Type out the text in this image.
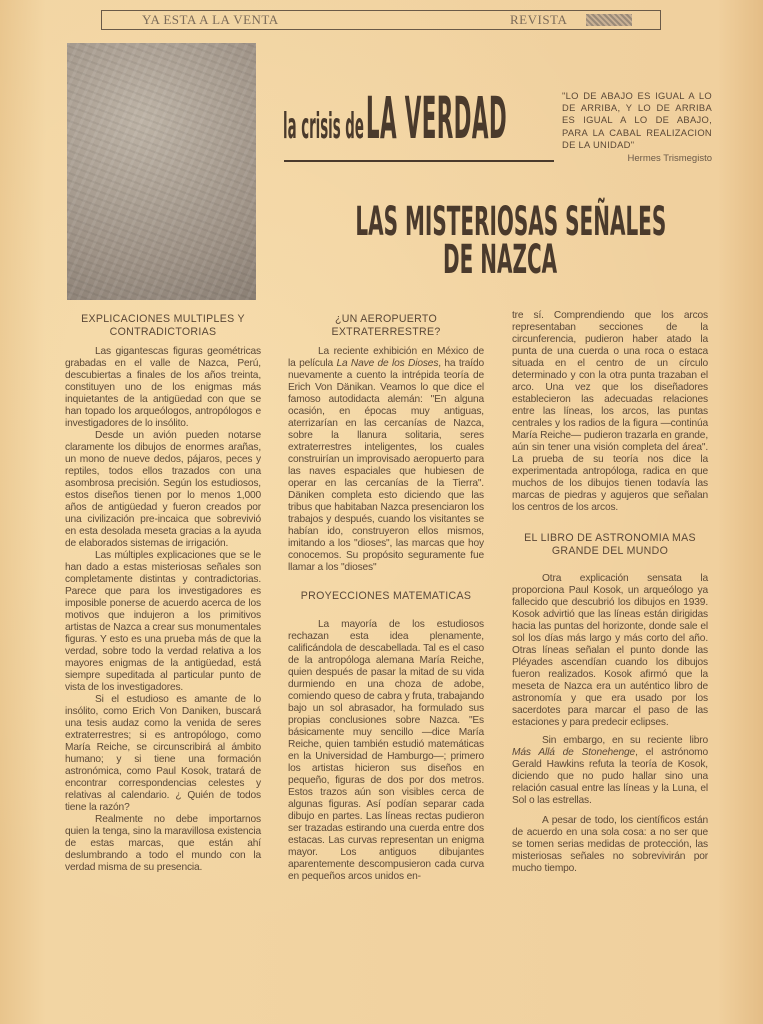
YA ESTA A LA VENTA	REVISTA
la crisis de LA VERDAD	"LO DE ABAJO ES IGUAL A LO DE ARRIBA, Y LO DE ARRIBA ES IGUAL A LO DE ABAJO, PARA LA CABAL REALIZACION DE LA UNIDAD"
Hermes Trismegisto
LAS MISTERIOSAS SEÑALES
DE NAZCA
EXPLICACIONES MULTIPLES Y CONTRADICTORIAS

Las gigantescas figuras geométricas grabadas en el valle de Nazca, Perú, descubiertas a finales de los años treinta, constituyen uno de los enigmas más inquietantes de la antigüedad con que se han topado los arqueólogos, antropólogos e investigadores de lo insólito.

Desde un avión pueden notarse claramente los dibujos de enormes arañas, un mono de nueve dedos, pájaros, peces y reptiles, todos ellos trazados con una asombrosa precisión. Según los estudiosos, estos diseños tienen por lo menos 1,000 años de antigüedad y fueron creados por una civilización pre-incaica que sobrevivió en esta desolada meseta gracias a la ayuda de elaborados sistemas de irrigación.

Las múltiples explicaciones que se le han dado a estas misteriosas señales son completamente distintas y contradictorias. Parece que para los investigadores es imposible ponerse de acuerdo acerca de los motivos que indujeron a los primitivos artistas de Nazca a crear sus monumentales figuras. Y esto es una prueba más de que la verdad, sobre todo la verdad relativa a los mayores enigmas de la antigüedad, está siempre supeditada al particular punto de vista de los investigadores.

Si el estudioso es amante de lo insólito, como Erich Von Daniken, buscará una tesis audaz como la venida de seres extraterrestres; si es antropólogo, como María Reiche, se circunscribirá al ámbito humano; y si tiene una formación astronómica, como Paul Kosok, tratará de encontrar correspondencias celestes y relativas al calendario. ¿ Quién de todos tiene la razón?

Realmente no debe importarnos quien la tenga, sino la maravillosa existencia de estas marcas, que están ahí deslumbrando a todo el mundo con la verdad misma de su presencia.

¿UN AEROPUERTO EXTRATERRESTRE?

La reciente exhibición en México de la película La Nave de los Dioses, ha traído nuevamente a cuento la intrépida teoría de Erich Von Dänikan. Veamos lo que dice el famoso autodidacta alemán: "En alguna ocasión, en épocas muy antiguas, aterrizarían en las cercanías de Nazca, sobre la llanura solitaria, seres extraterrestres inteligentes, los cuales construirían un improvisado aeropuerto para las naves espaciales que hubiesen de operar en las cercanías de la Tierra". Däniken completa esto diciendo que las tribus que habitaban Nazca presenciaron los trabajos y después, cuando los visitantes se habían ido, construyeron ellos mismos, imitando a los "dioses", las marcas que hoy conocemos. Su propósito seguramente fue llamar a los "dioses"

PROYECCIONES MATEMATICAS

La mayoría de los estudiosos rechazan esta idea plenamente, calificándola de descabellada. Tal es el caso de la antropóloga alemana María Reiche, quien después de pasar la mitad de su vida durmiendo en una choza de adobe, comiendo queso de cabra y fruta, trabajando bajo un sol abrasador, ha formulado sus propias conclusiones sobre Nazca. "Es básicamente muy sencillo —dice María Reiche, quien también estudió matemáticas en la Universidad de Hamburgo—; primero los artistas hicieron sus diseños en pequeño, figuras de dos por dos metros. Estos trazos aún son visibles cerca de algunas figuras. Así podían separar cada dibujo en partes. Las líneas rectas pudieron ser trazadas estirando una cuerda entre dos estacas. Las curvas representan un enigma mayor. Los antiguos dibujantes aparentemente descompusieron cada curva en pequeños arcos unidos en-

tre sí. Comprendiendo que los arcos representaban secciones de la circunferencia, pudieron haber atado la punta de una cuerda o una roca o estaca situada en el centro de un círculo determinado y con la otra punta trazaban el arco. Una vez que los diseñadores establecieron las adecuadas relaciones entre las líneas, los arcos, las puntas centrales y los radios de la figura —continúa María Reiche— pudieron trazarla en grande, aún sin tener una visión completa del área". La prueba de su teoría nos dice la experimentada antropóloga, radica en que muchos de los dibujos tienen todavía las marcas de piedras y agujeros que señalan los centros de los arcos.

EL LIBRO DE ASTRONOMIA MAS GRANDE DEL MUNDO

Otra explicación sensata la proporciona Paul Kosok, un arqueólogo ya fallecido que descubrió los dibujos en 1939. Kosok advirtió que las líneas están dirigidas hacia las puntas del horizonte, donde sale el sol los días más largo y más corto del año. Otras líneas señalan el punto donde las Pléyades ascendían cuando los dibujos fueron realizados. Kosok afirmó que la meseta de Nazca era un auténtico libro de astronomía y que era usado por los sacerdotes para marcar el paso de las estaciones y para predecir eclipses.

Sin embargo, en su reciente libro Más Allá de Stonehenge, el astrónomo Gerald Hawkins refuta la teoría de Kosok, diciendo que no pudo hallar sino una relación casual entre las líneas y la Luna, el Sol o las estrellas.

A pesar de todo, los científicos están de acuerdo en una sola cosa: a no ser que se tomen serias medidas de protección, las misteriosas señales no sobrevivirán por mucho tiempo.
